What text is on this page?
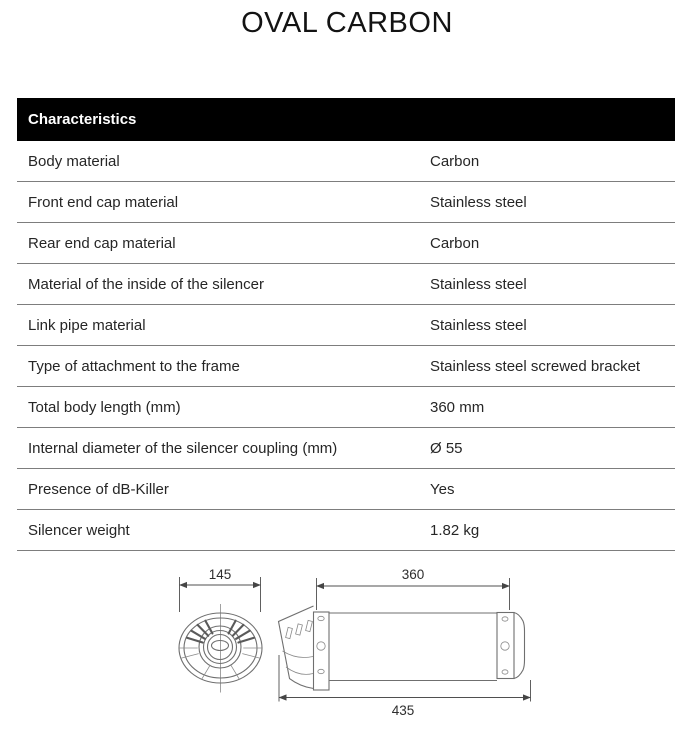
OVAL CARBON
Characteristics
Body material	Carbon
Front end cap material	Stainless steel
Rear end cap material	Carbon
Material of the inside of the silencer	Stainless steel
Link pipe material	Stainless steel
Type of attachment to the frame	Stainless steel screwed bracket
Total body length (mm)	360 mm
Internal diameter of the silencer coupling (mm)	Ø 55
Presence of dB-Killer	Yes
Silencer weight	1.82 kg
145	360
435
